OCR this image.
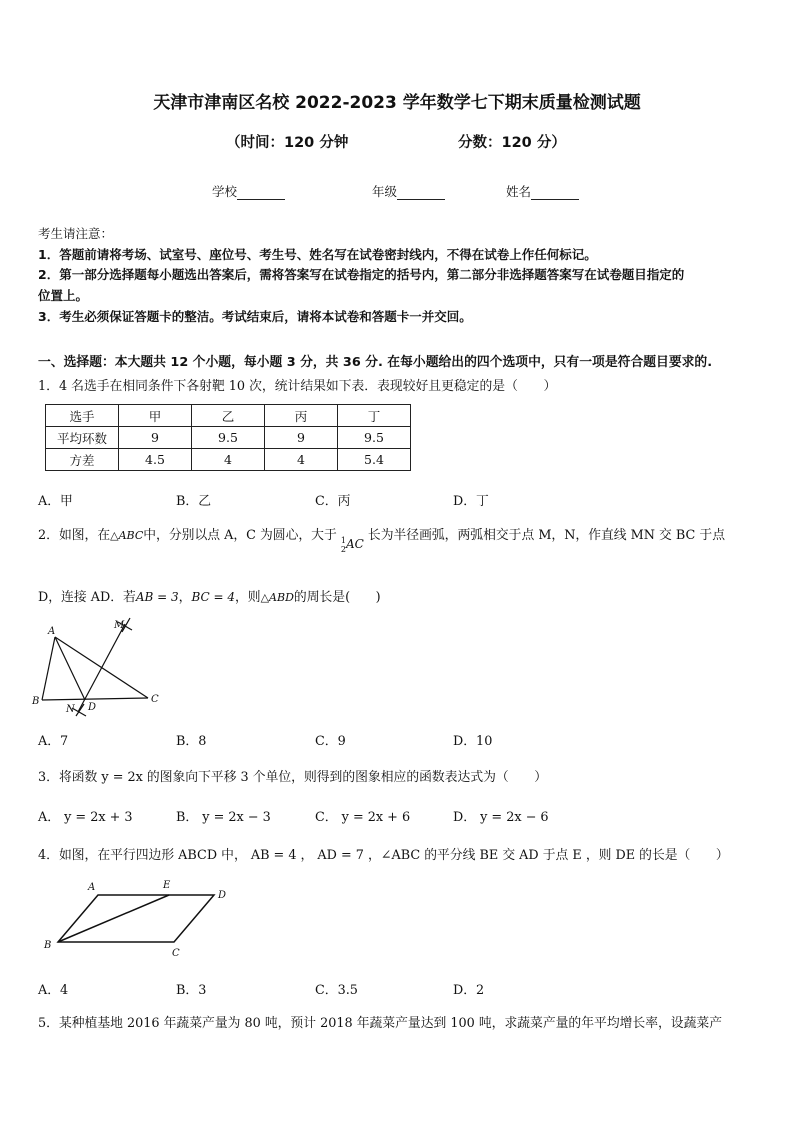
天津市津南区名校 2022-2023 学年数学七下期末质量检测试题
（时间：120 分钟	分数：120 分）
学校	年级	姓名
考生请注意：
1．答题前请将考场、试室号、座位号、考生号、姓名写在试卷密封线内，不得在试卷上作任何标记。
2．第一部分选择题每小题选出答案后，需将答案写在试卷指定的括号内，第二部分非选择题答案写在试卷题目指定的
位置上。
3．考生必须保证答题卡的整洁。考试结束后，请将本试卷和答题卡一并交回。
一、选择题：本大题共 12 个小题，每小题 3 分，共 36 分. 在每小题给出的四个选项中，只有一项是符合题目要求的.
1．4 名选手在相同条件下各射靶 10 次，统计结果如下表．表现较好且更稳定的是（　　）
选手	甲	乙	丙	丁
平均环数	9	9.5	9	9.5
方差	4.5	4	4	5.4
A．甲	B．乙	C．丙	D．丁
2．如图，在△ABC中，分别以点 A，C 为圆心，大于 1
2AC 长为半径画弧，两弧相交于点 M，N，作直线 MN 交 BC 于点
D，连接 AD．若AB = 3，BC = 4，则△ABD的周长是(　　)
A
B	C
D
M
N
A．7	B．8	C．9	D．10
3．将函数 y = 2x 的图象向下平移 3 个单位，则得到的图象相应的函数表达式为（　　）
A． y = 2x + 3	B． y = 2x − 3	C． y = 2x + 6	D． y = 2x − 6
4．如图，在平行四边形 ABCD 中， AB = 4 ， AD = 7 ，∠ABC 的平分线 BE 交 AD 于点 E ，则 DE 的长是（　　）
A	E
D
B
C
A．4	B．3	C．3.5	D．2
5．某种植基地 2016 年蔬菜产量为 80 吨，预计 2018 年蔬菜产量达到 100 吨，求蔬菜产量的年平均增长率，设蔬菜产
